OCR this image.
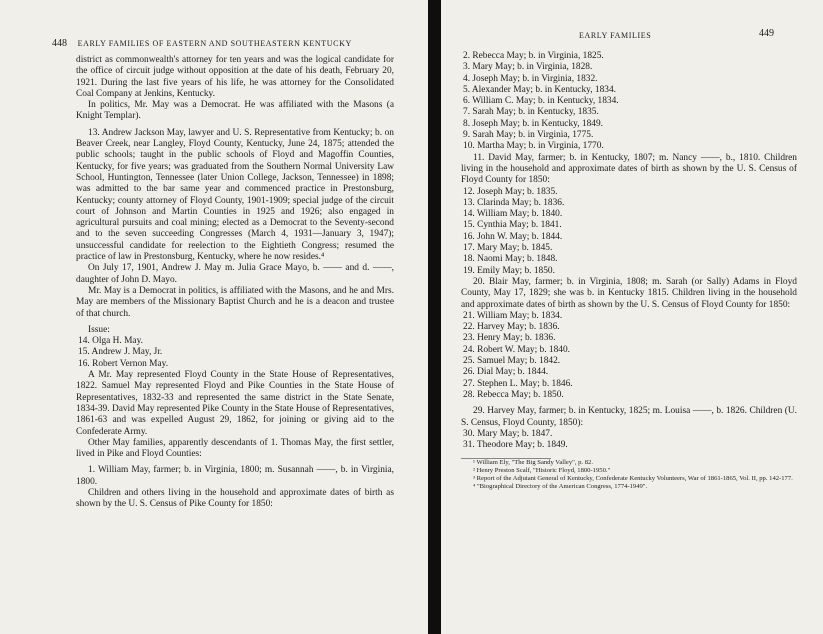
448 EARLY FAMILIES OF EASTERN AND SOUTHEASTERN KENTUCKY

district as commonwealth's attorney for ten years and was the logical candidate for the office of circuit judge without opposition at the date of his death, February 20, 1921. During the last five years of his life, he was attorney for the Consolidated Coal Company at Jenkins, Kentucky.

In politics, Mr. May was a Democrat. He was affiliated with the Masons (a Knight Templar).

13. Andrew Jackson May, lawyer and U. S. Representative from Kentucky; b. on Beaver Creek, near Langley, Floyd County, Kentucky, June 24, 1875; attended the public schools; taught in the public schools of Floyd and Magoffin Counties, Kentucky, for five years; was graduated from the Southern Normal University Law School, Huntington, Tennessee (later Union College, Jackson, Tennessee) in 1898; was admitted to the bar same year and commenced practice in Prestonsburg, Kentucky; county attorney of Floyd County, 1901-1909; special judge of the circuit court of Johnson and Martin Counties in 1925 and 1926; also engaged in agricultural pursuits and coal mining; elected as a Democrat to the Seventy-second and to the seven succeeding Congresses (March 4, 1931—January 3, 1947); unsuccessful candidate for reelection to the Eightieth Congress; resumed the practice of law in Prestonsburg, Kentucky, where he now resides.⁴

On July 17, 1901, Andrew J. May m. Julia Grace Mayo, b. —— and d. ——, daughter of John D. Mayo.

Mr. May is a Democrat in politics, is affiliated with the Masons, and he and Mrs. May are members of the Missionary Baptist Church and he is a deacon and trustee of that church.

Issue:

14. Olga H. May.
15. Andrew J. May, Jr.
16. Robert Vernon May.

A Mr. May represented Floyd County in the State House of Representatives, 1822. Samuel May represented Floyd and Pike Counties in the State House of Representatives, 1832-33 and represented the same district in the State Senate, 1834-39. David May represented Pike County in the State House of Representatives, 1861-63 and was expelled August 29, 1862, for joining or giving aid to the Confederate Army.

Other May families, apparently descendants of 1. Thomas May, the first settler, lived in Pike and Floyd Counties:

1. William May, farmer; b. in Virginia, 1800; m. Susannah ——, b. in Virginia, 1800.

Children and others living in the household and approximate dates of birth as shown by the U. S. Census of Pike County for 1850:

EARLY FAMILIES	449
2. Rebecca May; b. in Virginia, 1825.
3. Mary May; b. in Virginia, 1828.
4. Joseph May; b. in Virginia, 1832.
5. Alexander May; b. in Kentucky, 1834.
6. William C. May; b. in Kentucky, 1834.
7. Sarah May; b. in Kentucky, 1835.
8. Joseph May; b. in Kentucky, 1849.
9. Sarah May; b. in Virginia, 1775.
10. Martha May; b. in Virginia, 1770.

11. David May, farmer; b. in Kentucky, 1807; m. Nancy ——, b., 1810. Children living in the household and approximate dates of birth as shown by the U. S. Census of Floyd County for 1850:

12. Joseph May; b. 1835.
13. Clarinda May; b. 1836.
14. William May; b. 1840.
15. Cynthia May; b. 1841.
16. John W. May; b. 1844.
17. Mary May; b. 1845.
18. Naomi May; b. 1848.
19. Emily May; b. 1850.

20. Blair May, farmer; b. in Virginia, 1808; m. Sarah (or Sally) Adams in Floyd County, May 17, 1829; she was b. in Kentucky 1815. Children living in the household and approximate dates of birth as shown by the U. S. Census of Floyd County for 1850:

21. William May; b. 1834.
22. Harvey May; b. 1836.
23. Henry May; b. 1836.
24. Robert W. May; b. 1840.
25. Samuel May; b. 1842.
26. Dial May; b. 1844.
27. Stephen L. May; b. 1846.
28. Rebecca May; b. 1850.

29. Harvey May, farmer; b. in Kentucky, 1825; m. Louisa ——, b. 1826. Children (U. S. Census, Floyd County, 1850):

30. Mary May; b. 1847.
31. Theodore May; b. 1849.

¹ William Ely, "The Big Sandy Valley", p. 82.

² Henry Preston Scalf, "Historic Floyd, 1800-1950."

³ Report of the Adjutant General of Kentucky, Confederate Kentucky Volunteers, War of 1861-1865, Vol. II, pp. 142-177.

⁴ "Biographical Directory of the American Congress, 1774-1949".
